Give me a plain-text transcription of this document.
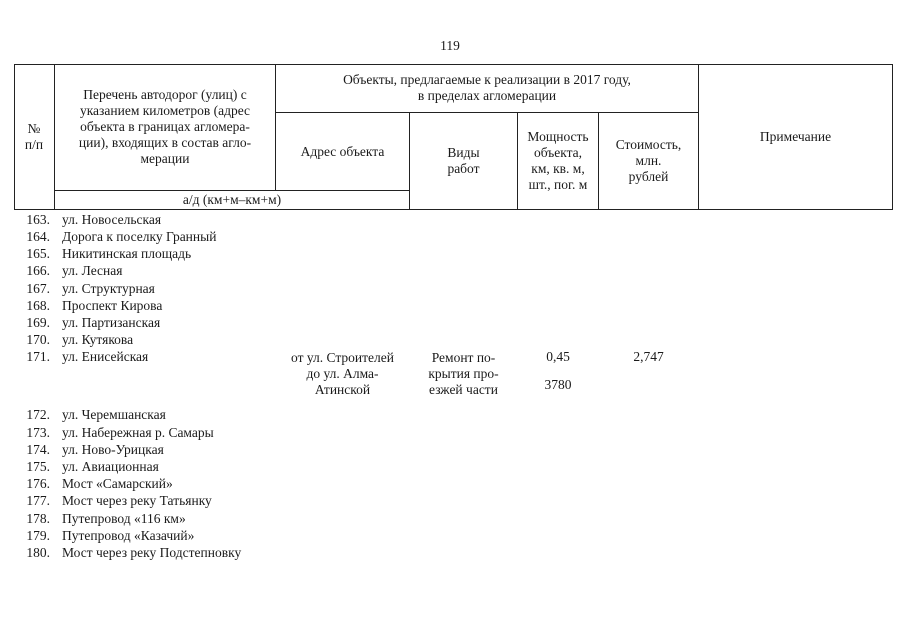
119
№
п/п
Перечень автодорог (улиц) с
указанием километров (адрес
объекта в границах агломера-
ции), входящих в состав агло-
мерации
а/д (км+м–км+м)
Объекты, предлагаемые к реализации в 2017 году,
в пределах агломерации
Адрес объекта	Виды
работ
Мощность
объекта,
км, кв. м,
шт., пог. м
Стоимость,
млн.
рублей
Примечание
163. ул. Новосельская
164. Дорога к поселку Гранный
165. Никитинская площадь
166. ул. Лесная
167. ул. Структурная
168. Проспект Кирова
169. ул. Партизанская
170. ул. Кутякова
171. ул. Енисейская
172. ул. Черемшанская
173. ул. Набережная р. Самары
174. ул. Ново-Урицкая
175. ул. Авиационная
176. Мост «Самарский»
177. Мост через реку Татьянку
178. Путепровод «116 км»
179. Путепровод «Казачий»
180. Мост через реку Подстепновку
от ул. Строителей
до ул. Алма-
Атинской
Ремонт по-
крытия про-
езжей части
0,45
3780
2,747
